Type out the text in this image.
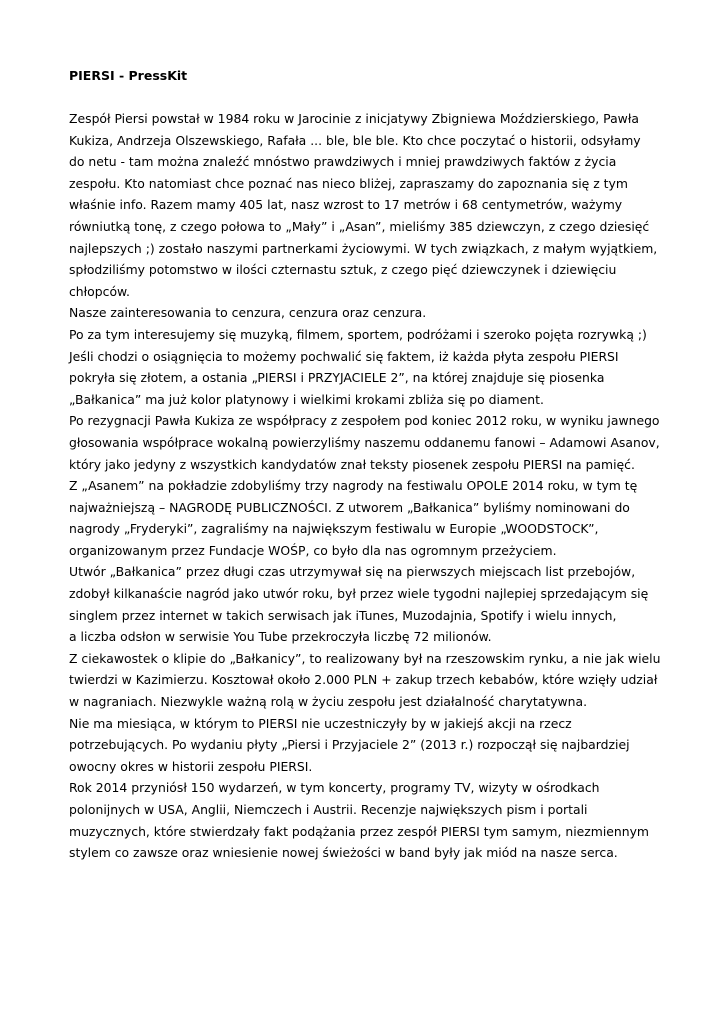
PIERSI - PressKit
Zespół Piersi powstał w 1984 roku w Jarocinie z inicjatywy Zbigniewa Moździerskiego, Pawła
Kukiza, Andrzeja Olszewskiego, Rafała ... ble, ble ble. Kto chce poczytać o historii, odsyłamy
do netu - tam można znaleźć mnóstwo prawdziwych i mniej prawdziwych faktów z życia
zespołu. Kto natomiast chce poznać nas nieco bliżej, zapraszamy do zapoznania się z tym
właśnie info. Razem mamy 405 lat, nasz wzrost to 17 metrów i 68 centymetrów, ważymy
równiutką tonę, z czego połowa to „Mały” i „Asan”, mieliśmy 385 dziewczyn, z czego dziesięć
najlepszych ;) zostało naszymi partnerkami życiowymi. W tych związkach, z małym wyjątkiem,
spłodziliśmy potomstwo w ilości czternastu sztuk, z czego pięć dziewczynek i dziewięciu
chłopców.
Nasze zainteresowania to cenzura, cenzura oraz cenzura.
Po za tym interesujemy się muzyką, filmem, sportem, podróżami i szeroko pojęta rozrywką ;)
Jeśli chodzi o osiągnięcia to możemy pochwalić się faktem, iż każda płyta zespołu PIERSI
pokryła się złotem, a ostania „PIERSI i PRZYJACIELE 2”, na której znajduje się piosenka
„Bałkanica” ma już kolor platynowy i wielkimi krokami zbliża się po diament.
Po rezygnacji Pawła Kukiza ze współpracy z zespołem pod koniec 2012 roku, w wyniku jawnego
głosowania współprace wokalną powierzyliśmy naszemu oddanemu fanowi – Adamowi Asanov,
który jako jedyny z wszystkich kandydatów znał teksty piosenek zespołu PIERSI na pamięć.
Z „Asanem” na pokładzie zdobyliśmy trzy nagrody na festiwalu OPOLE 2014 roku, w tym tę
najważniejszą – NAGRODĘ PUBLICZNOŚCI. Z utworem „Bałkanica” byliśmy nominowani do
nagrody „Fryderyki”, zagraliśmy na największym festiwalu w Europie „WOODSTOCK”,
organizowanym przez Fundacje WOŚP, co było dla nas ogromnym przeżyciem.
Utwór „Bałkanica” przez długi czas utrzymywał się na pierwszych miejscach list przebojów,
zdobył kilkanaście nagród jako utwór roku, był przez wiele tygodni najlepiej sprzedającym się
singlem przez internet w takich serwisach jak iTunes, Muzodajnia, Spotify i wielu innych,
a liczba odsłon w serwisie You Tube przekroczyła liczbę 72 milionów.
Z ciekawostek o klipie do „Bałkanicy”, to realizowany był na rzeszowskim rynku, a nie jak wielu
twierdzi w Kazimierzu. Kosztował około 2.000 PLN + zakup trzech kebabów, które wzięły udział
w nagraniach. Niezwykle ważną rolą w życiu zespołu jest działalność charytatywna.
Nie ma miesiąca, w którym to PIERSI nie uczestniczyły by w jakiejś akcji na rzecz
potrzebujących. Po wydaniu płyty „Piersi i Przyjaciele 2” (2013 r.) rozpoczął się najbardziej
owocny okres w historii zespołu PIERSI.
Rok 2014 przyniósł 150 wydarzeń, w tym koncerty, programy TV, wizyty w ośrodkach
polonijnych w USA, Anglii, Niemczech i Austrii. Recenzje największych pism i portali
muzycznych, które stwierdzały fakt podążania przez zespół PIERSI tym samym, niezmiennym
stylem co zawsze oraz wniesienie nowej świeżości w band były jak miód na nasze serca.
